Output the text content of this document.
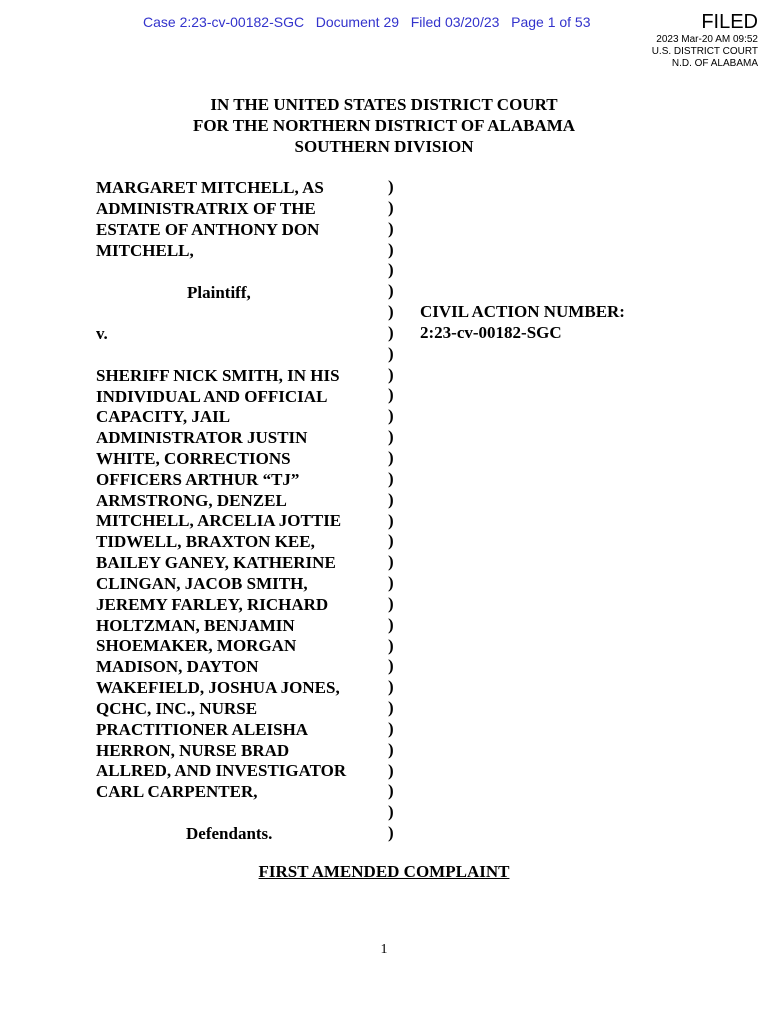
Case 2:23-cv-00182-SGC Document 29 Filed 03/20/23 Page 1 of 53	FILED
2023 Mar-20 AM 09:52
U.S. DISTRICT COURT
N.D. OF ALABAMA
IN THE UNITED STATES DISTRICT COURT
FOR THE NORTHERN DISTRICT OF ALABAMA
SOUTHERN DIVISION
MARGARET MITCHELL, AS
ADMINISTRATRIX OF THE
ESTATE OF ANTHONY DON
MITCHELL,
Plaintiff,
v.
SHERIFF NICK SMITH, IN HIS
INDIVIDUAL AND OFFICIAL
CAPACITY, JAIL
ADMINISTRATOR JUSTIN
WHITE, CORRECTIONS
OFFICERS ARTHUR “TJ”
ARMSTRONG, DENZEL
MITCHELL, ARCELIA JOTTIE
TIDWELL, BRAXTON KEE,
BAILEY GANEY, KATHERINE
CLINGAN, JACOB SMITH,
JEREMY FARLEY, RICHARD
HOLTZMAN, BENJAMIN
SHOEMAKER, MORGAN
MADISON, DAYTON
WAKEFIELD, JOSHUA JONES,
QCHC, INC., NURSE
PRACTITIONER ALEISHA
HERRON, NURSE BRAD
ALLRED, AND INVESTIGATOR
CARL CARPENTER,
Defendants.
)
)
)
)
)
)
)
)
)
)
)
)
)
)
)
)
)
)
)
)
)
)
)
)
)
)
)
)
)
)
)
)
CIVIL ACTION NUMBER:
2:23-cv-00182-SGC
FIRST AMENDED COMPLAINT
1
